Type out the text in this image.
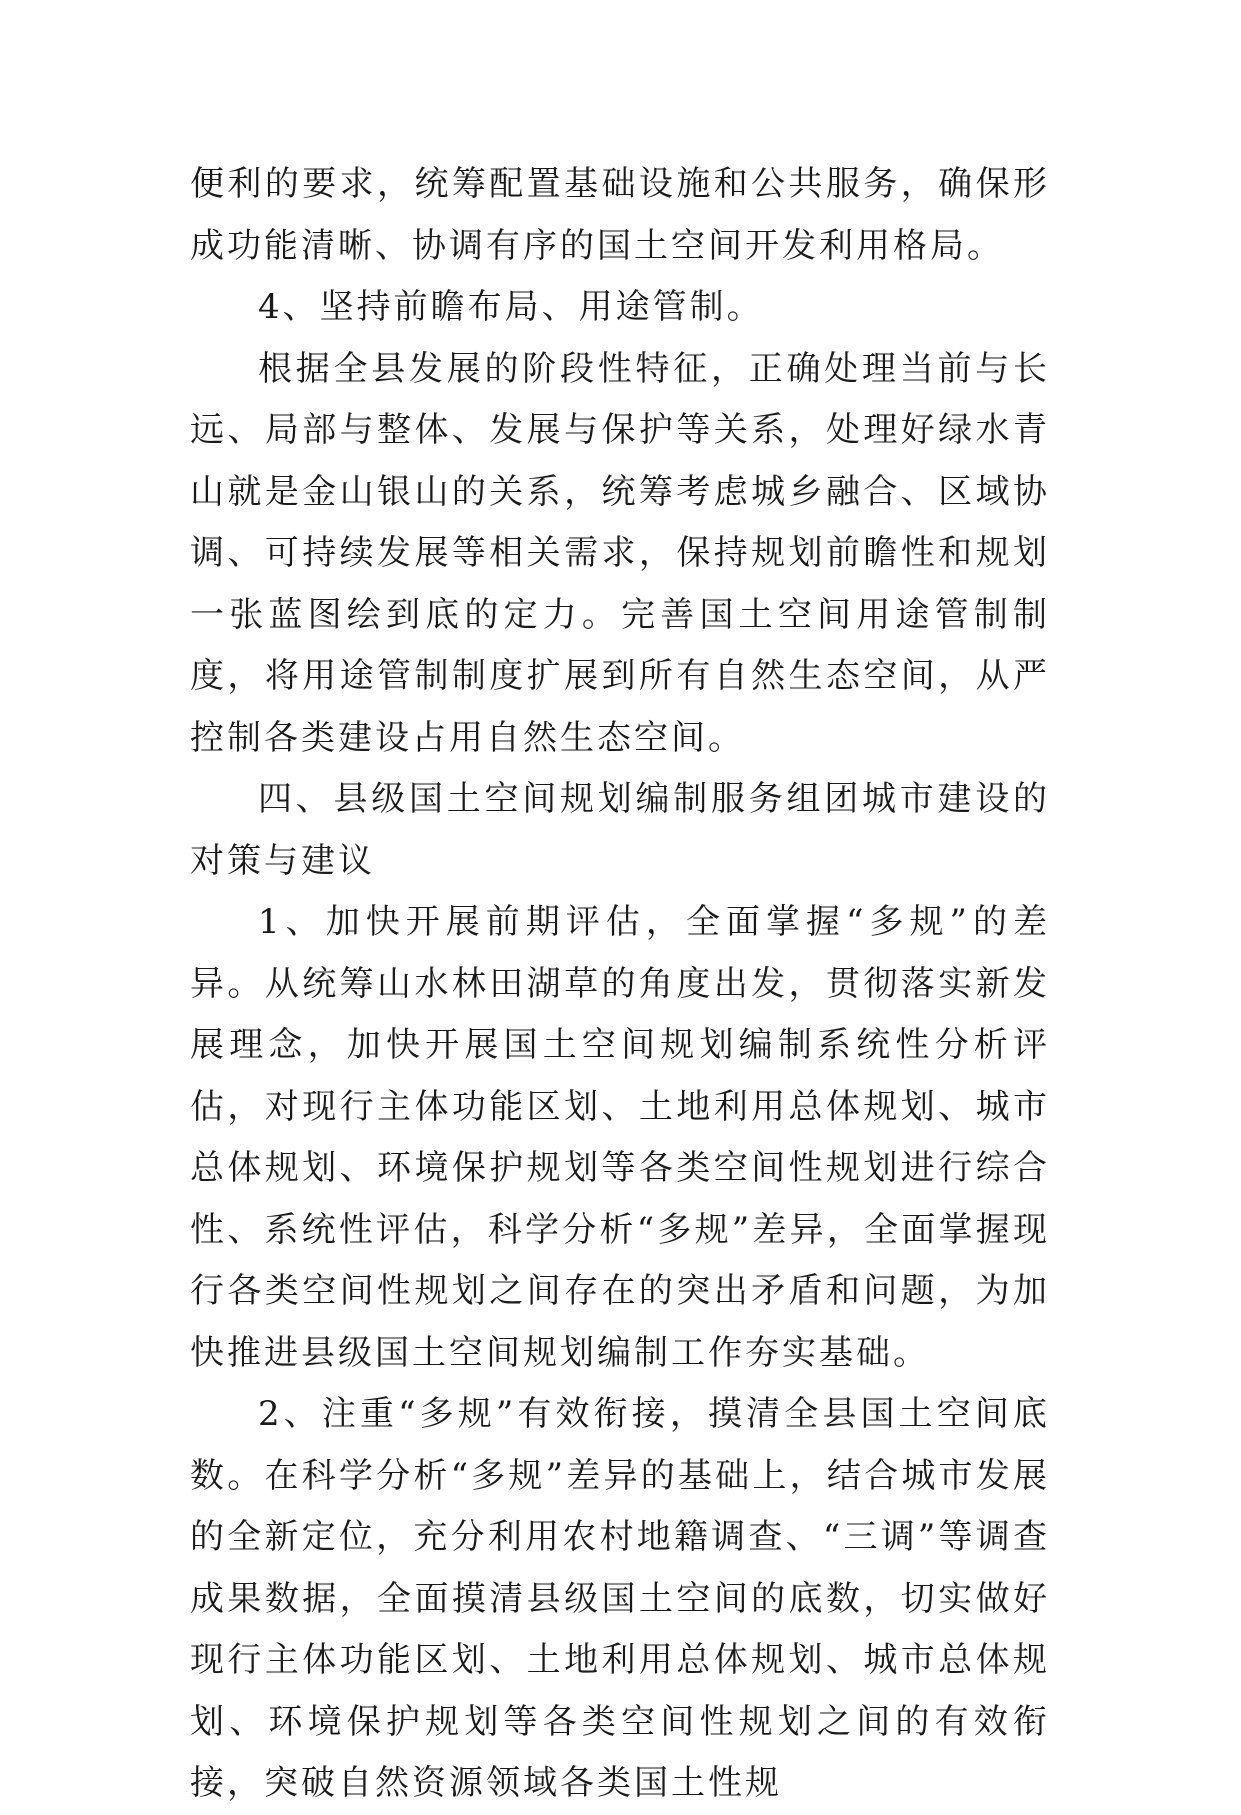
便利的要求，统筹配置基础设施和公共服务，确保形成功能清晰、协调有序的国土空间开发利用格局。

4、坚持前瞻布局、用途管制。

根据全县发展的阶段性特征，正确处理当前与长远、局部与整体、发展与保护等关系，处理好绿水青山就是金山银山的关系，统筹考虑城乡融合、区域协调、可持续发展等相关需求，保持规划前瞻性和规划一张蓝图绘到底的定力。完善国土空间用途管制制度，将用途管制制度扩展到所有自然生态空间，从严控制各类建设占用自然生态空间。

四、县级国土空间规划编制服务组团城市建设的对策与建议

1、加快开展前期评估，全面掌握“多规”的差异。从统筹山水林田湖草的角度出发，贯彻落实新发展理念，加快开展国土空间规划编制系统性分析评估，对现行主体功能区划、土地利用总体规划、城市总体规划、环境保护规划等各类空间性规划进行综合性、系统性评估，科学分析“多规”差异，全面掌握现行各类空间性规划之间存在的突出矛盾和问题，为加快推进县级国土空间规划编制工作夯实基础。

2、注重“多规”有效衔接，摸清全县国土空间底数。在科学分析“多规”差异的基础上，结合城市发展的全新定位，充分利用农村地籍调查、“三调”等调查成果数据，全面摸清县级国土空间的底数，切实做好现行主体功能区划、土地利用总体规划、城市总体规划、环境保护规划等各类空间性规划之间的有效衔接，突破自然资源领域各类国土性规
